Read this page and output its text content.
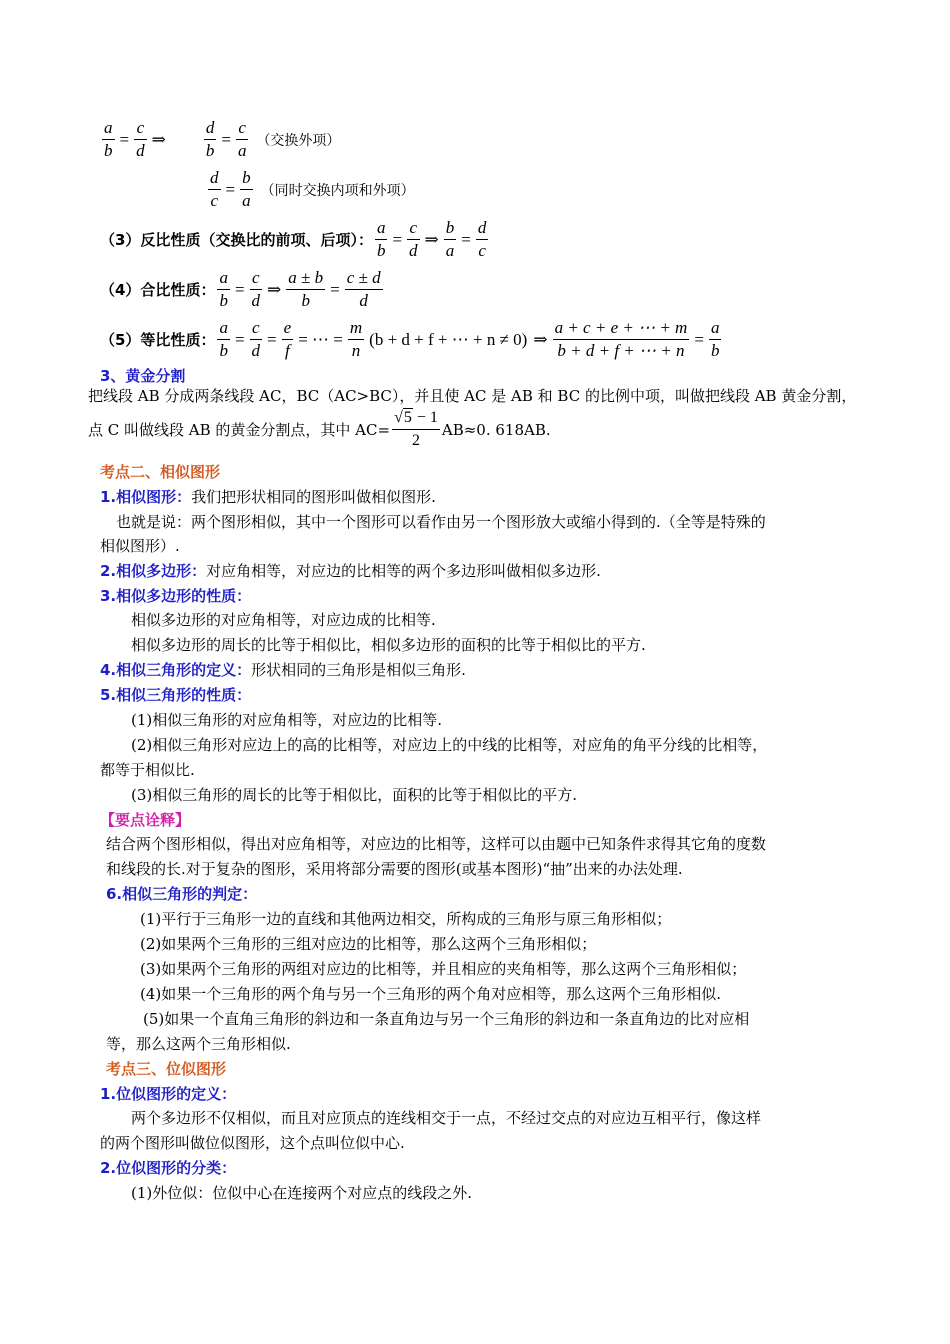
$\frac{a}{b} = \frac{c}{d}$ ⇒ $\frac{d}{b} = \frac{c}{a}$ （交换外项）
$\frac{d}{c} = \frac{b}{a}$ （同时交换内项和外项）
（3）反比性质（交换比的前项、后项）： $\frac{a}{b} = \frac{c}{d}$ ⇒ $\frac{b}{a} = \frac{d}{c}$
（4）合比性质： $\frac{a}{b} = \frac{c}{d}$ ⇒ $\frac{a \pm b}{b} = \frac{c \pm d}{d}$
（5）等比性质： $\frac{a}{b} = \frac{c}{d} = \frac{e}{f}$ = ⋯ = $\frac{m}{n} (b + d + f$ + ⋯ + n ≠ 0) ⇒ $\frac{a + c + e + \cdots + m}{b + d + f + \cdots + n} = \frac{a}{b}$
3、黄金分割
把线段 AB 分成两条线段 AC，BC（AC>BC），并且使 AC 是 AB 和 BC 的比例中项，叫做把线段 AB 黄金分割，
点 C 叫做线段 AB 的黄金分割点，其中 $AC= \frac{√5 - 1}{2} AB\approx 0$. 618AB.
考点二、相似图形
1.相似图形：我们把形状相同的图形叫做相似图形.
也就是说：两个图形相似，其中一个图形可以看作由另一个图形放大或缩小得到的.（全等是特殊的
相似图形）.
2.相似多边形：对应角相等，对应边的比相等的两个多边形叫做相似多边形.
3.相似多边形的性质：
相似多边形的对应角相等，对应边成的比相等.
相似多边形的周长的比等于相似比，相似多边形的面积的比等于相似比的平方.
4.相似三角形的定义：形状相同的三角形是相似三角形.
5.相似三角形的性质：
(1)相似三角形的对应角相等，对应边的比相等.
(2)相似三角形对应边上的高的比相等，对应边上的中线的比相等，对应角的角平分线的比相等，
都等于相似比.
(3)相似三角形的周长的比等于相似比，面积的比等于相似比的平方.
【要点诠释】
结合两个图形相似，得出对应角相等，对应边的比相等，这样可以由题中已知条件求得其它角的度数
和线段的长.对于复杂的图形，采用将部分需要的图形(或基本图形)“抽”出来的办法处理.
6.相似三角形的判定：
(1)平行于三角形一边的直线和其他两边相交，所构成的三角形与原三角形相似；
(2)如果两个三角形的三组对应边的比相等，那么这两个三角形相似；
(3)如果两个三角形的两组对应边的比相等，并且相应的夹角相等，那么这两个三角形相似；
(4)如果一个三角形的两个角与另一个三角形的两个角对应相等，那么这两个三角形相似.
(5)如果一个直角三角形的斜边和一条直角边与另一个三角形的斜边和一条直角边的比对应相
等，那么这两个三角形相似.
考点三、位似图形
1.位似图形的定义：
两个多边形不仅相似，而且对应顶点的连线相交于一点，不经过交点的对应边互相平行，像这样
的两个图形叫做位似图形，这个点叫位似中心.
2.位似图形的分类：
(1)外位似：位似中心在连接两个对应点的线段之外.
